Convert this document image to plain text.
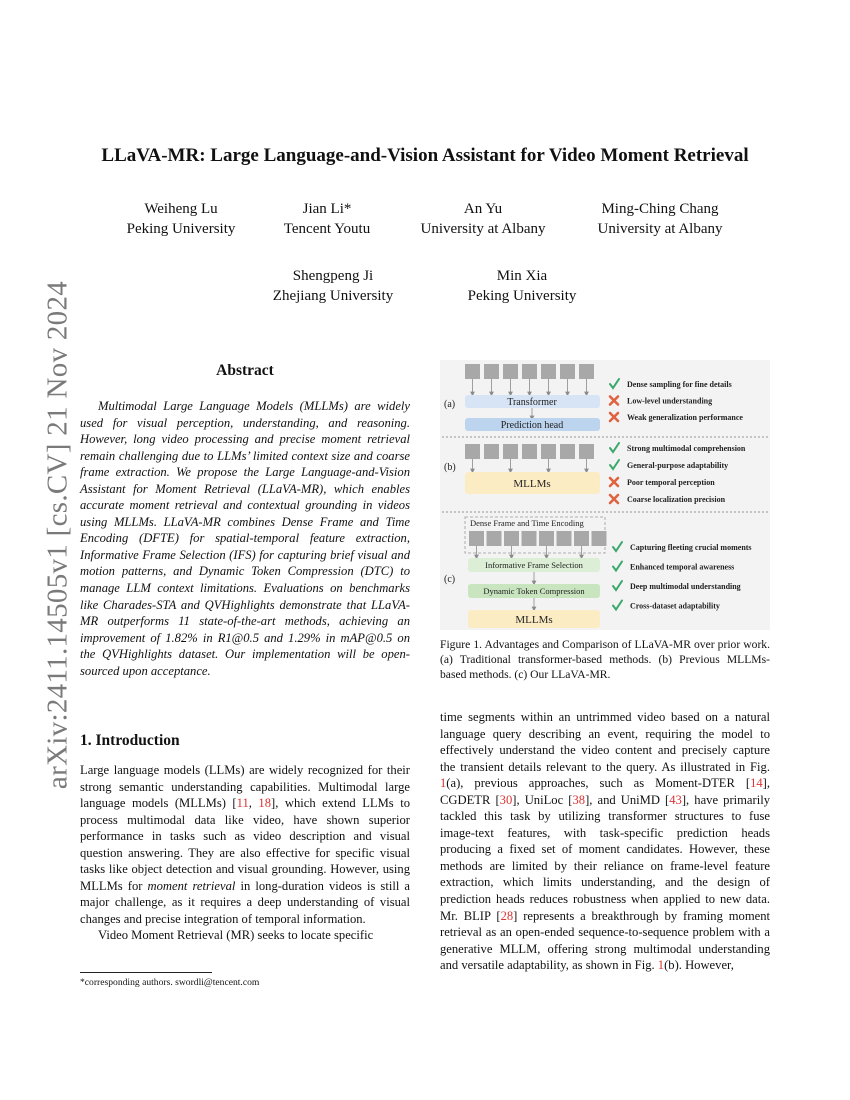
arXiv:2411.14505v1 [cs.CV] 21 Nov 2024
LLaVA-MR: Large Language-and-Vision Assistant for Video Moment Retrieval
Weiheng Lu
Peking University
Jian Li*
Tencent Youtu
An Yu
University at Albany
Ming-Ching Chang
University at Albany
Shengpeng Ji
Zhejiang University
Min Xia
Peking University
Abstract
Multimodal Large Language Models (MLLMs) are widely used for visual perception, understanding, and reasoning. However, long video processing and precise moment retrieval remain challenging due to LLMs’ limited context size and coarse frame extraction. We propose the Large Language-and-Vision Assistant for Moment Retrieval (LLaVA-MR), which enables accurate moment retrieval and contextual grounding in videos using MLLMs. LLaVA-MR combines Dense Frame and Time Encoding (DFTE) for spatial-temporal feature extraction, Informative Frame Selection (IFS) for capturing brief visual and motion patterns, and Dynamic Token Compression (DTC) to manage LLM context limitations. Evaluations on benchmarks like Charades-STA and QVHighlights demonstrate that LLaVA-MR outperforms 11 state-of-the-art methods, achieving an improvement of 1.82% in R1@0.5 and 1.29% in mAP@0.5 on the QVHighlights dataset. Our implementation will be open-sourced upon acceptance.
1. Introduction

Large language models (LLMs) are widely recognized for their strong semantic understanding capabilities. Multimodal large language models (MLLMs) [11, 18], which extend LLMs to process multimodal data like video, have shown superior performance in tasks such as video description and visual question answering. They are also effective for specific visual tasks like object detection and visual grounding. However, using MLLMs for moment retrieval in long-duration videos is still a major challenge, as it requires a deep understanding of visual changes and precise integration of temporal information.

Video Moment Retrieval (MR) seeks to locate specific

*corresponding authors. swordli@tencent.com
Transformer
Prediction head
(a)
MLLMs
(b)
Dense Frame and Time Encoding
Informative Frame Selection
Dynamic Token Compression
MLLMs
(c)
Dense sampling for fine details
Low-level understanding
Weak generalization performance
Strong multimodal comprehension
General-purpose adaptability
Poor temporal perception
Coarse localization precision
Capturing fleeting crucial moments
Enhanced temporal awareness
Deep multimodal understanding
Cross-dataset adaptability
Figure 1. Advantages and Comparison of LLaVA-MR over prior work. (a) Traditional transformer-based methods. (b) Previous MLLMs-based methods. (c) Our LLaVA-MR.

time segments within an untrimmed video based on a natural language query describing an event, requiring the model to effectively understand the video content and precisely capture the transient details relevant to the query. As illustrated in Fig. 1(a), previous approaches, such as Moment-DTER [14], CGDETR [30], UniLoc [38], and UniMD [43], have primarily tackled this task by utilizing transformer structures to fuse image-text features, with task-specific prediction heads producing a fixed set of moment candidates. However, these methods are limited by their reliance on frame-level feature extraction, which limits understanding, and the design of prediction heads reduces robustness when applied to new data. Mr. BLIP [28] represents a breakthrough by framing moment retrieval as an open-ended sequence-to-sequence problem with a generative MLLM, offering strong multimodal understanding and versatile adaptability, as shown in Fig. 1(b). However,
